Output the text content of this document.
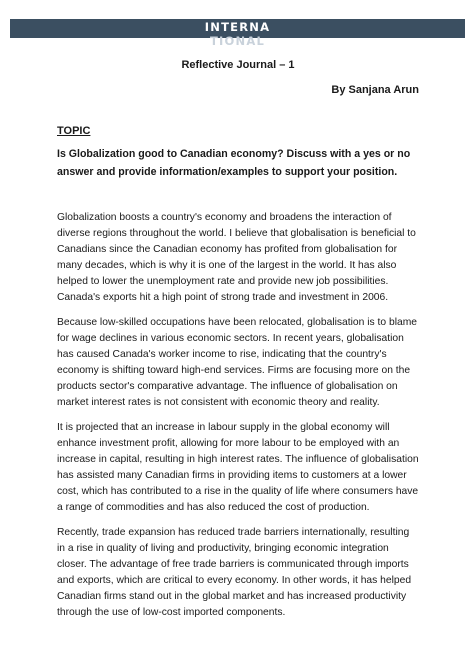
INTERNA
TIONAL
Reflective Journal – 1
By Sanjana Arun
TOPIC
Is Globalization good to Canadian economy? Discuss with a yes or no answer and provide information/examples to support your position.

Globalization boosts a country's economy and broadens the interaction of diverse regions throughout the world. I believe that globalisation is beneficial to Canadians since the Canadian economy has profited from globalisation for many decades, which is why it is one of the largest in the world. It has also helped to lower the unemployment rate and provide new job possibilities. Canada's exports hit a high point of strong trade and investment in 2006.

Because low-skilled occupations have been relocated, globalisation is to blame for wage declines in various economic sectors. In recent years, globalisation has caused Canada's worker income to rise, indicating that the country's economy is shifting toward high-end services. Firms are focusing more on the products sector's comparative advantage. The influence of globalisation on market interest rates is not consistent with economic theory and reality.

It is projected that an increase in labour supply in the global economy will enhance investment profit, allowing for more labour to be employed with an increase in capital, resulting in high interest rates. The influence of globalisation has assisted many Canadian firms in providing items to customers at a lower cost, which has contributed to a rise in the quality of life where consumers have a range of commodities and has also reduced the cost of production.

Recently, trade expansion has reduced trade barriers internationally, resulting in a rise in quality of living and productivity, bringing economic integration closer. The advantage of free trade barriers is communicated through imports and exports, which are critical to every economy. In other words, it has helped Canadian firms stand out in the global market and has increased productivity through the use of low-cost imported components.
